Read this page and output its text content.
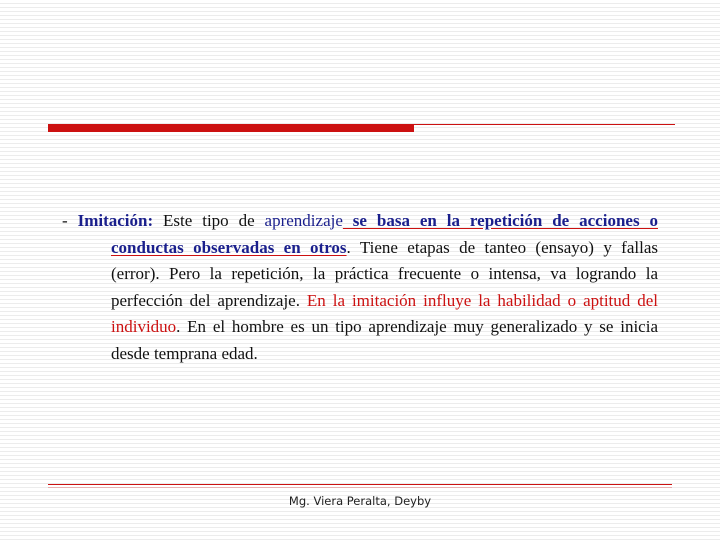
- Imitación: Este tipo de aprendizaje se basa en la repetición de acciones o conductas observadas en otros. Tiene etapas de tanteo (ensayo) y fallas (error). Pero la repetición, la práctica frecuente o intensa, va logrando la perfección del aprendizaje. En la imitación influye la habilidad o aptitud del individuo. En el hombre es un tipo aprendizaje muy generalizado y se inicia desde temprana edad.

Mg. Viera Peralta, Deyby
